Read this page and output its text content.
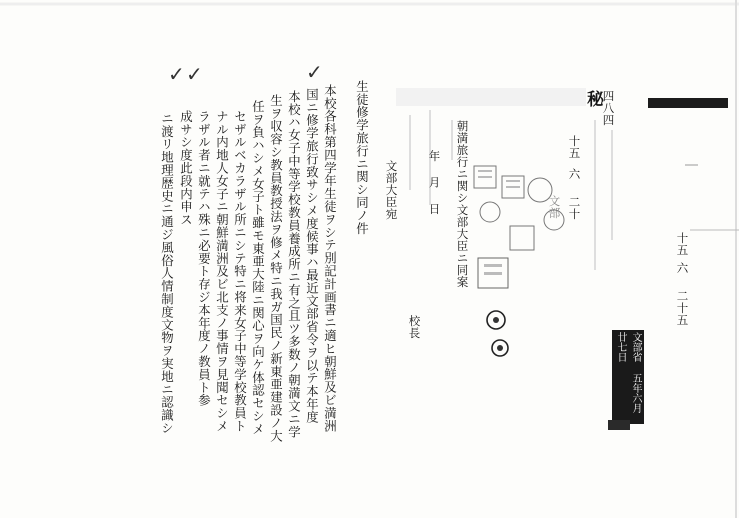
✓ ✓	✓
生徒修学旅行ニ関シ同ノ件
本校各科第四学年生徒ヲシテ別記計画書ニ適ヒ朝鮮及ビ満洲
国ニ修学旅行致サシメ度候事ハ最近文部省令ヲ以テ本年度
本校ハ女子中等学校教員養成所ニ有之且ツ多数ノ朝満文ニ学
生ヲ収容シ教員教授法ヲ修メ特ニ我ガ国民ノ新東亜建設ノ大
任ヲ負ハシメ女子ト雖モ東亜大陸ニ関心ヲ向ケ体認セシメ
セザルベカラザル所ニシテ特ニ将来女子中等学校教員ト
ナル内地人女子ニ朝鮮満洲及ビ北支ノ事情ヲ見聞セシメ
ラザル者ニ就テハ殊ニ必要ト存ジ本年度ノ教員ト参
成サシ度此段内申ス
ニ渡リ地理歴史ニ通ジ風俗人情制度文物ヲ実地ニ認識シ	文部大臣宛	年 月 日 朝満旅行ニ関シ文部大臣ニ同案
校長
秘
四八四
十五
六
二十
十五
六
二十五
文部
文部省 五年六月廿七日
